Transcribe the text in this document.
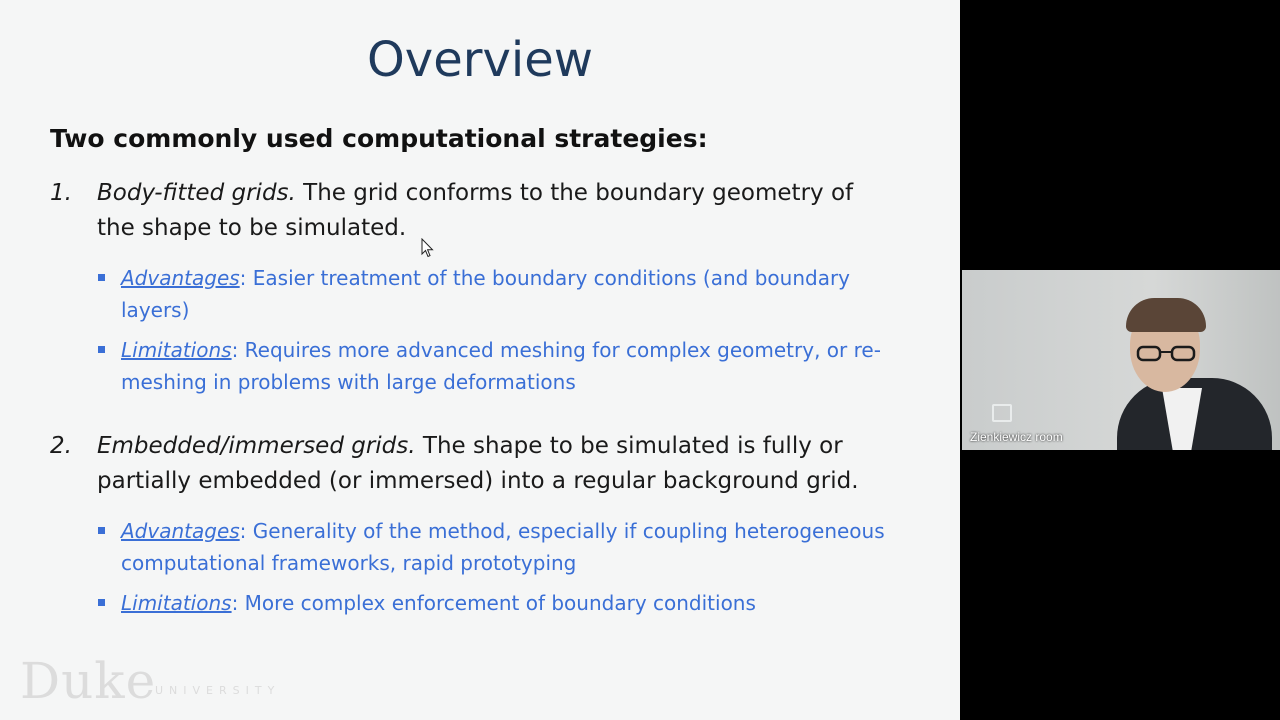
Overview
Two commonly used computational strategies:
1. Body-fitted grids. The grid conforms to the boundary geometry of the shape to be simulated.
Advantages: Easier treatment of the boundary conditions (and boundary layers)
Limitations: Requires more advanced meshing for complex geometry, or re-meshing in problems with large deformations
2. Embedded/immersed grids. The shape to be simulated is fully or partially embedded (or immersed) into a regular background grid.
Advantages: Generality of the method, especially if coupling heterogeneous computational frameworks, rapid prototyping
Limitations: More complex enforcement of boundary conditions
Duke
UNIVERSITY
Zienkiewicz room
